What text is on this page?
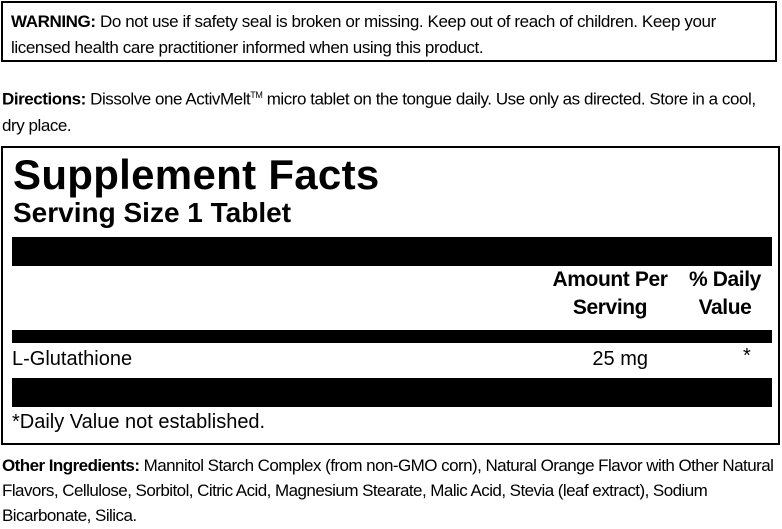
WARNING: Do not use if safety seal is broken or missing. Keep out of reach of children. Keep your licensed health care practitioner informed when using this product.
Directions: Dissolve one ActivMelt™ micro tablet on the tongue daily. Use only as directed. Store in a cool, dry place.
Supplement Facts
Serving Size 1 Tablet
Amount Per Serving
% Daily Value
L-Glutathione	25 mg	*
*Daily Value not established.
Other Ingredients: Mannitol Starch Complex (from non-GMO corn), Natural Orange Flavor with Other Natural Flavors, Cellulose, Sorbitol, Citric Acid, Magnesium Stearate, Malic Acid, Stevia (leaf extract), Sodium Bicarbonate, Silica.
